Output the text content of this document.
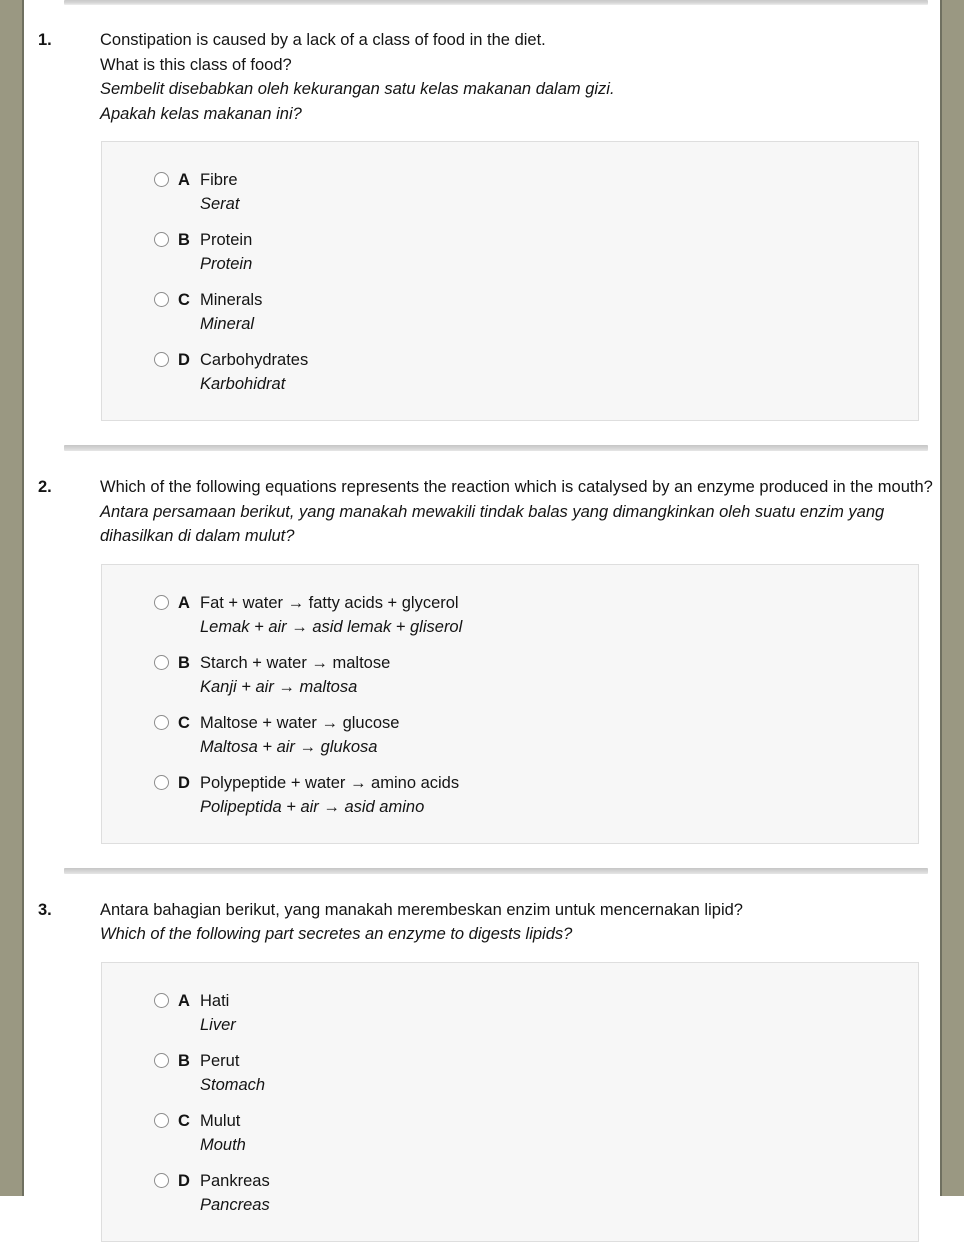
1.	Constipation is caused by a lack of a class of food in the diet.
What is this class of food?
Sembelit disebabkan oleh kekurangan satu kelas makanan dalam gizi.
Apakah kelas makanan ini?
A Fibre
Serat
B Protein
Protein
C Minerals
Mineral
D Carbohydrates
Karbohidrat
2.	Which of the following equations represents the reaction which is catalysed by an enzyme produced in the mouth?
Antara persamaan berikut, yang manakah mewakili tindak balas yang dimangkinkan oleh suatu enzim yang dihasilkan di dalam mulut?
A Fat + water → fatty acids + glycerol
Lemak + air → asid lemak + gliserol
B Starch + water → maltose
Kanji + air → maltosa
C Maltose + water → glucose
Maltosa + air → glukosa
D Polypeptide + water → amino acids
Polipeptida + air → asid amino
3.	Antara bahagian berikut, yang manakah merembeskan enzim untuk mencernakan lipid?
Which of the following part secretes an enzyme to digests lipids?
A Hati
Liver
B Perut
Stomach
C Mulut
Mouth
D Pankreas
Pancreas
